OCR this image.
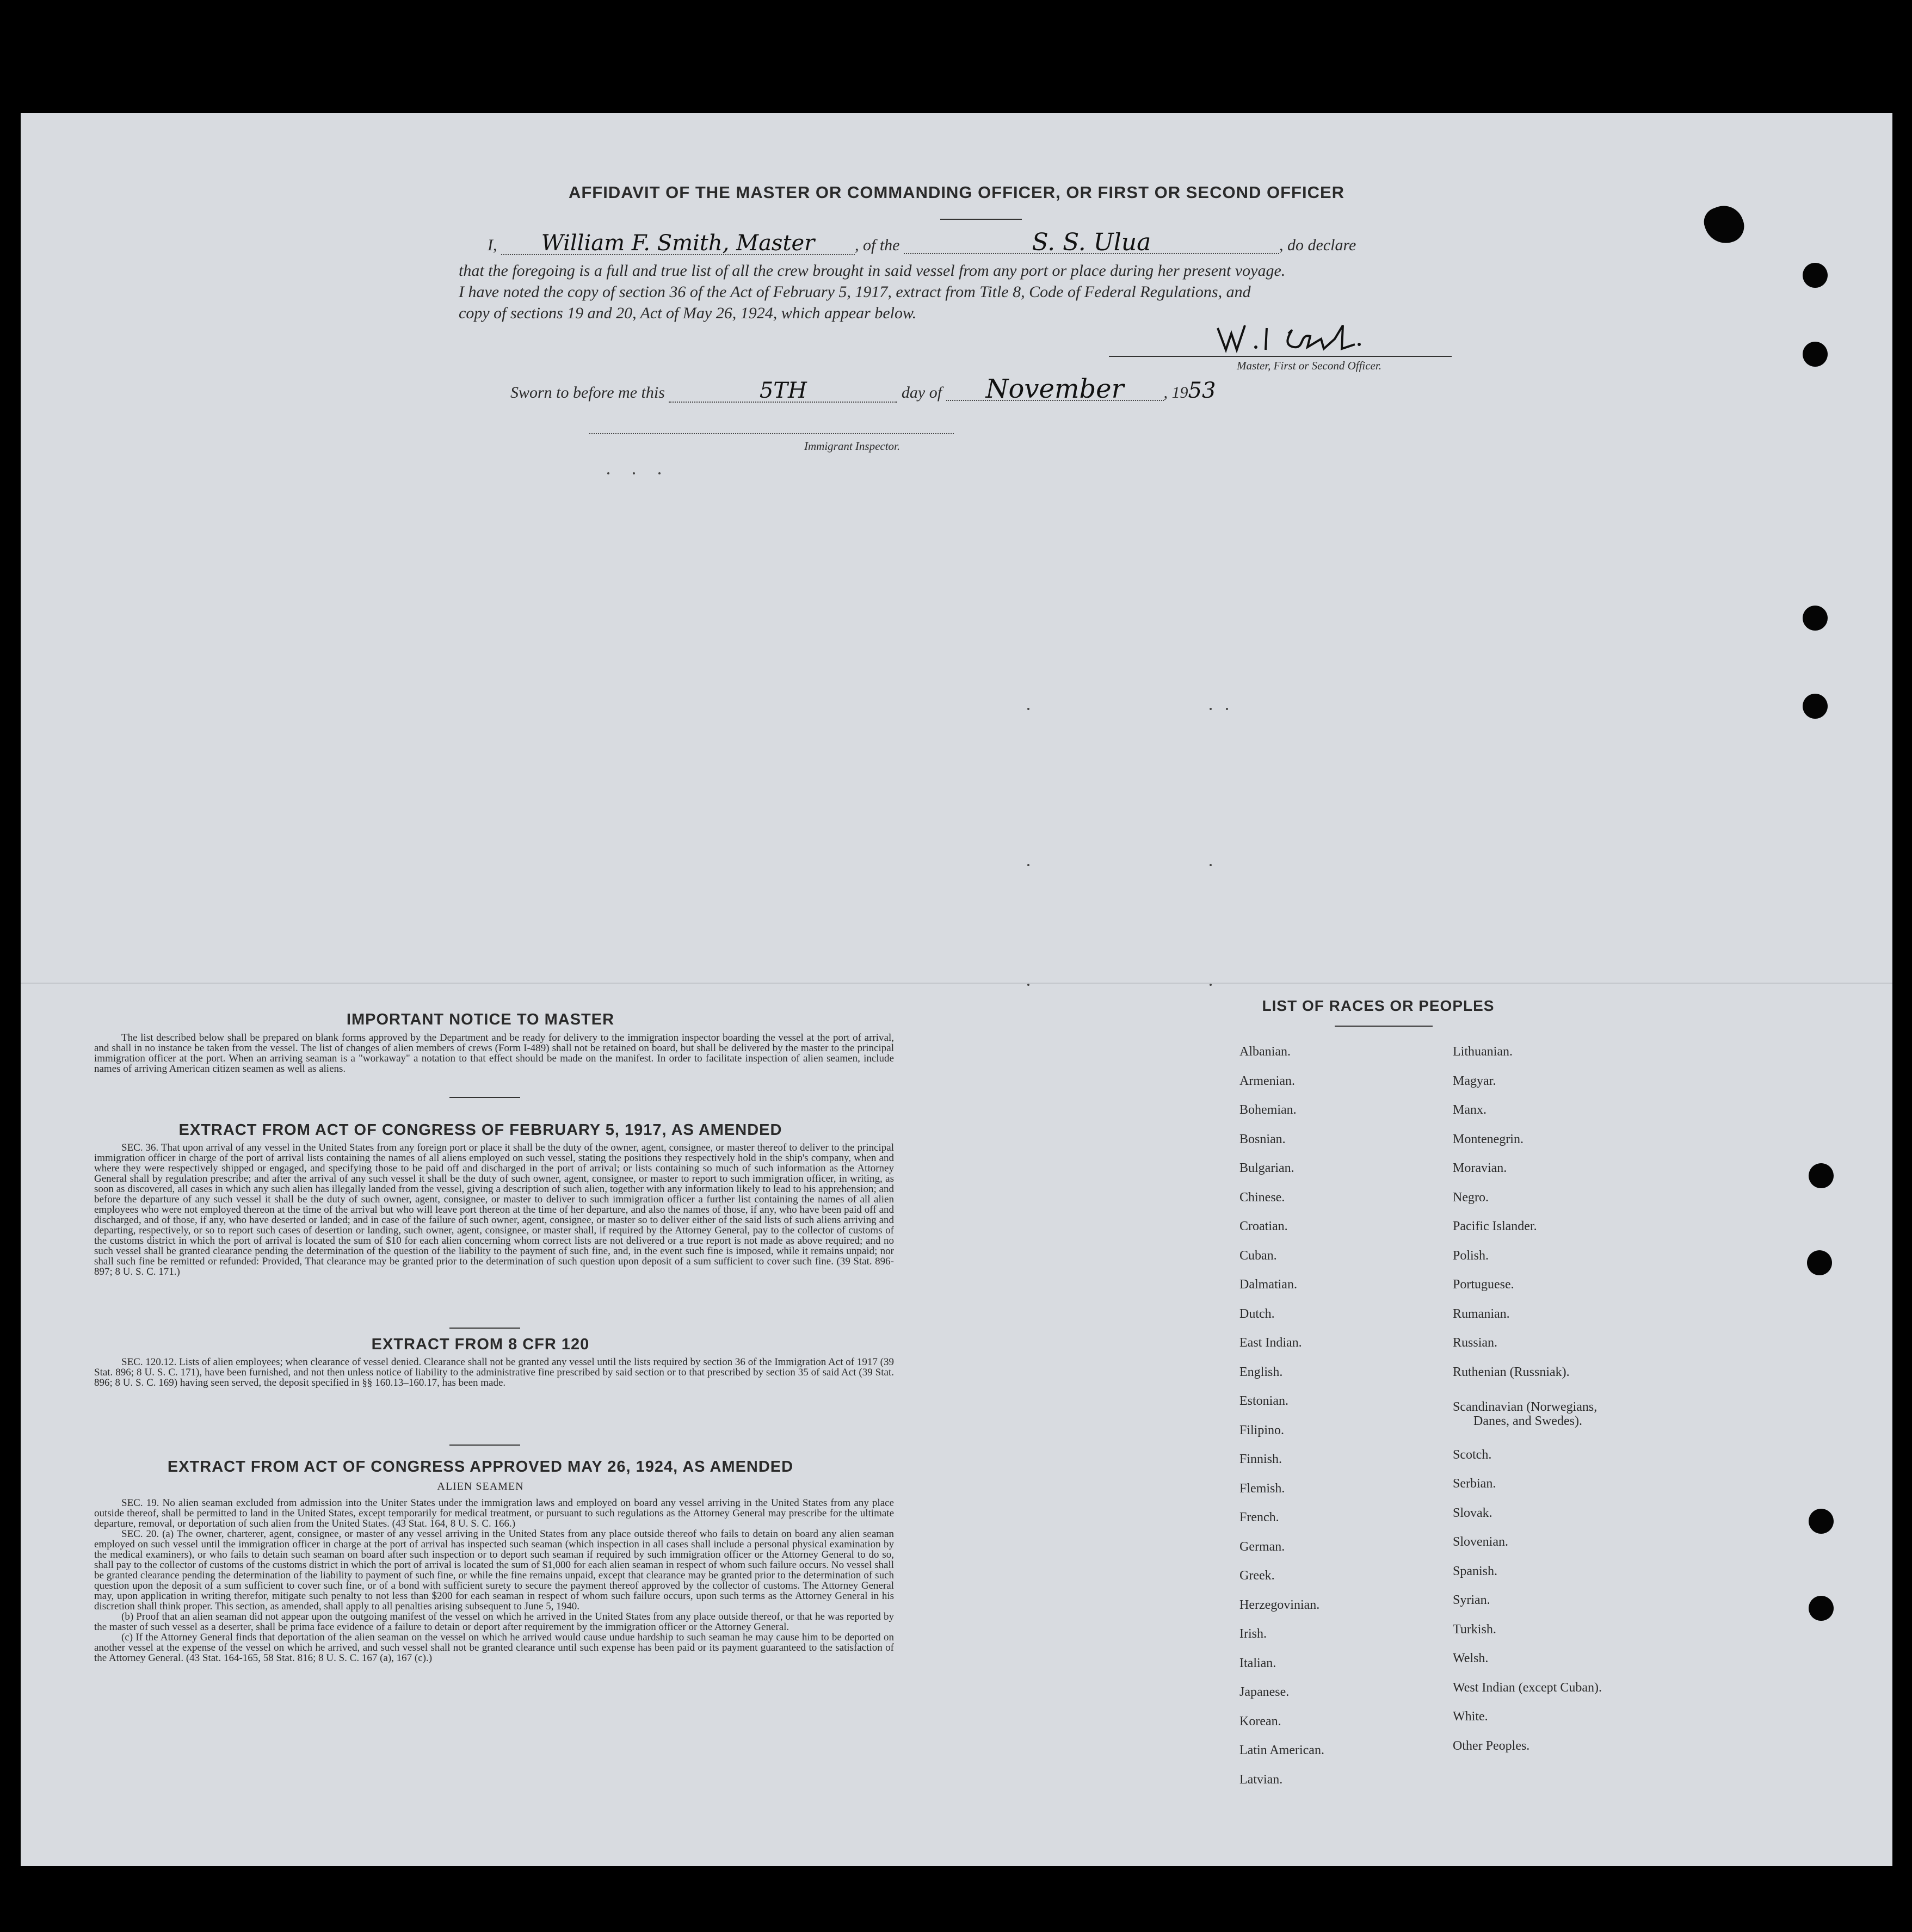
AFFIDAVIT OF THE MASTER OR COMMANDING OFFICER, OR FIRST OR SECOND OFFICER
I, William F. Smith, Master , of the	S. S. Ulua	, do declare
that the foregoing is a full and true list of all the crew brought in said vessel from any port or place during her present voyage.
I have noted the copy of section 36 of the Act of February 5, 1917, extract from Title 8, Code of Federal Regulations, and
copy of sections 19 and 20, Act of May 26, 1924, which appear below.
Master, First or Second Officer.
Sworn to before me this	5TH	day of November , 1953
Immigrant Inspector.
IMPORTANT NOTICE TO MASTER

The list described below shall be prepared on blank forms approved by the Department and be ready for delivery to the immigration inspector boarding the vessel at the port of arrival, and shall in no instance be taken from the vessel. The list of changes of alien members of crews (Form I-489) shall not be retained on board, but shall be delivered by the master to the principal immigration officer at the port. When an arriving seaman is a "workaway" a notation to that effect should be made on the manifest. In order to facilitate inspection of alien seamen, include names of arriving American citizen seamen as well as aliens.

EXTRACT FROM ACT OF CONGRESS OF FEBRUARY 5, 1917, AS AMENDED

SEC. 36. That upon arrival of any vessel in the United States from any foreign port or place it shall be the duty of the owner, agent, consignee, or master thereof to deliver to the principal immigration officer in charge of the port of arrival lists containing the names of all aliens employed on such vessel, stating the positions they respectively hold in the ship's company, when and where they were respectively shipped or engaged, and specifying those to be paid off and discharged in the port of arrival; or lists containing so much of such information as the Attorney General shall by regulation prescribe; and after the arrival of any such vessel it shall be the duty of such owner, agent, consignee, or master to report to such immigration officer, in writing, as soon as discovered, all cases in which any such alien has illegally landed from the vessel, giving a description of such alien, together with any information likely to lead to his apprehension; and before the departure of any such vessel it shall be the duty of such owner, agent, consignee, or master to deliver to such immigration officer a further list containing the names of all alien employees who were not employed thereon at the time of the arrival but who will leave port thereon at the time of her departure, and also the names of those, if any, who have been paid off and discharged, and of those, if any, who have deserted or landed; and in case of the failure of such owner, agent, consignee, or master so to deliver either of the said lists of such aliens arriving and departing, respectively, or so to report such cases of desertion or landing, such owner, agent, consignee, or master shall, if required by the Attorney General, pay to the collector of customs of the customs district in which the port of arrival is located the sum of $10 for each alien concerning whom correct lists are not delivered or a true report is not made as above required; and no such vessel shall be granted clearance pending the determination of the question of the liability to the payment of such fine, and, in the event such fine is imposed, while it remains unpaid; nor shall such fine be remitted or refunded: Provided, That clearance may be granted prior to the determination of such question upon deposit of a sum sufficient to cover such fine. (39 Stat. 896-897; 8 U. S. C. 171.)

EXTRACT FROM 8 CFR 120

SEC. 120.12. Lists of alien employees; when clearance of vessel denied. Clearance shall not be granted any vessel until the lists required by section 36 of the Immigration Act of 1917 (39 Stat. 896; 8 U. S. C. 171), have been furnished, and not then unless notice of liability to the administrative fine prescribed by said section or to that prescribed by section 35 of said Act (39 Stat. 896; 8 U. S. C. 169) having seen served, the deposit specified in §§ 160.13–160.17, has been made.

EXTRACT FROM ACT OF CONGRESS APPROVED MAY 26, 1924, AS AMENDED
ALIEN SEAMEN

SEC. 19. No alien seaman excluded from admission into the Uniter States under the immigration laws and employed on board any vessel arriving in the United States from any place outside thereof, shall be permitted to land in the United States, except temporarily for medical treatment, or pursuant to such regulations as the Attorney General may prescribe for the ultimate departure, removal, or deportation of such alien from the United States. (43 Stat. 164, 8 U. S. C. 166.)

SEC. 20. (a) The owner, charterer, agent, consignee, or master of any vessel arriving in the United States from any place outside thereof who fails to detain on board any alien seaman employed on such vessel until the immigration officer in charge at the port of arrival has inspected such seaman (which inspection in all cases shall include a personal physical examination by the medical examiners), or who fails to detain such seaman on board after such inspection or to deport such seaman if required by such immigration officer or the Attorney General to do so, shall pay to the collector of customs of the customs district in which the port of arrival is located the sum of $1,000 for each alien seaman in respect of whom such failure occurs. No vessel shall be granted clearance pending the determination of the liability to payment of such fine, or while the fine remains unpaid, except that clearance may be granted prior to the determination of such question upon the deposit of a sum sufficient to cover such fine, or of a bond with sufficient surety to secure the payment thereof approved by the collector of customs. The Attorney General may, upon application in writing therefor, mitigate such penalty to not less than $200 for each seaman in respect of whom such failure occurs, upon such terms as the Attorney General in his discretion shall think proper. This section, as amended, shall apply to all penalties arising subsequent to June 5, 1940.

(b) Proof that an alien seaman did not appear upon the outgoing manifest of the vessel on which he arrived in the United States from any place outside thereof, or that he was reported by the master of such vessel as a deserter, shall be prima face evidence of a failure to detain or deport after requirement by the immigration officer or the Attorney General.

(c) If the Attorney General finds that deportation of the alien seaman on the vessel on which he arrived would cause undue hardship to such seaman he may cause him to be deported on another vessel at the expense of the vessel on which he arrived, and such vessel shall not be granted clearance until such expense has been paid or its payment guaranteed to the satisfaction of the Attorney General. (43 Stat. 164-165, 58 Stat. 816; 8 U. S. C. 167 (a), 167 (c).)

LIST OF RACES OR PEOPLES
Albanian.
Armenian.
Bohemian.
Bosnian.
Bulgarian.
Chinese.
Croatian.
Cuban.
Dalmatian.
Dutch.
East Indian.
English.
Estonian.
Filipino.
Finnish.
Flemish.
French.
German.
Greek.
Herzegovinian.
Irish.
Italian.
Japanese.
Korean.
Latin American.
Latvian.
Lithuanian.
Magyar.
Manx.
Montenegrin.
Moravian.
Negro.
Pacific Islander.
Polish.
Portuguese.
Rumanian.
Russian.
Ruthenian (Russniak).
Scandinavian (Norwegians,
Danes, and Swedes).
Scotch.
Serbian.
Slovak.
Slovenian.
Spanish.
Syrian.
Turkish.
Welsh.
West Indian (except Cuban).
White.
Other Peoples.
